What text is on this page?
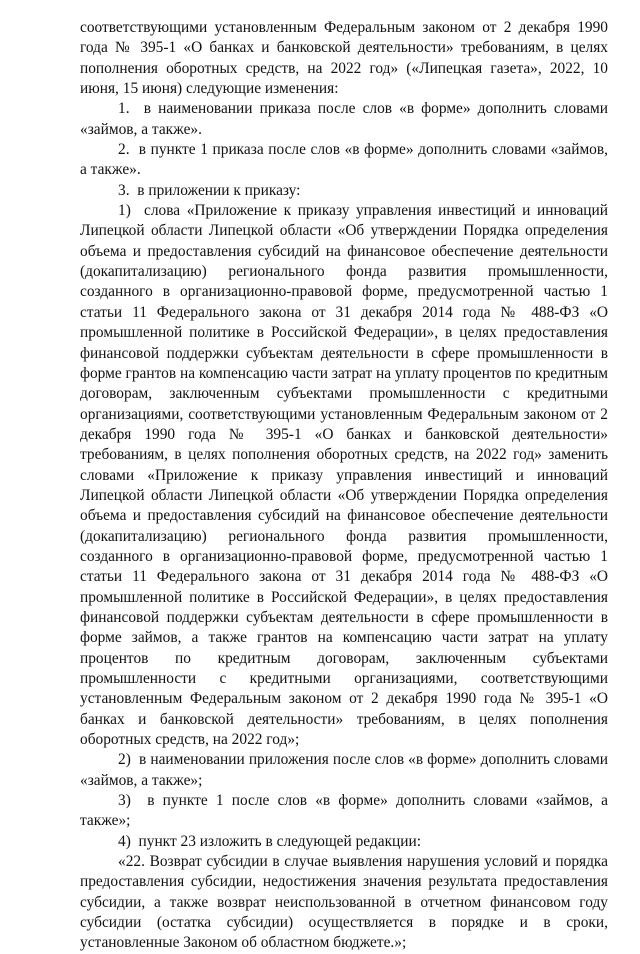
соответствующими установленным Федеральным законом от 2 декабря 1990 года № 395-1 «О банках и банковской деятельности» требованиям, в целях пополнения оборотных средств, на 2022 год» («Липецкая газета», 2022, 10 июня, 15 июня) следующие изменения:

1.  в наименовании приказа после слов «в форме» дополнить словами «займов, а также».

2.  в пункте 1 приказа после слов «в форме» дополнить словами «займов, а также».

3.  в приложении к приказу:

1)  слова «Приложение к приказу управления инвестиций и инноваций Липецкой области Липецкой области «Об утверждении Порядка определения объема и предоставления субсидий на финансовое обеспечение деятельности (докапитализацию) регионального фонда развития промышленности, созданного в организационно-правовой форме, предусмотренной частью 1 статьи 11 Федерального закона от 31 декабря 2014 года № 488-ФЗ «О промышленной политике в Российской Федерации», в целях предоставления финансовой поддержки субъектам деятельности в сфере промышленности в форме грантов на компенсацию части затрат на уплату процентов по кредитным договорам, заключенным субъектами промышленности с кредитными организациями, соответствующими установленным Федеральным законом от 2 декабря 1990 года № 395-1 «О банках и банковской деятельности» требованиям, в целях пополнения оборотных средств, на 2022 год» заменить словами «Приложение к приказу управления инвестиций и инноваций Липецкой области Липецкой области «Об утверждении Порядка определения объема и предоставления субсидий на финансовое обеспечение деятельности (докапитализацию) регионального фонда развития промышленности, созданного в организационно-правовой форме, предусмотренной частью 1 статьи 11 Федерального закона от 31 декабря 2014 года № 488-ФЗ «О промышленной политике в Российской Федерации», в целях предоставления финансовой поддержки субъектам деятельности в сфере промышленности в форме займов, а также грантов на компенсацию части затрат на уплату процентов по кредитным договорам, заключенным субъектами промышленности с кредитными организациями, соответствующими установленным Федеральным законом от 2 декабря 1990 года № 395-1 «О банках и банковской деятельности» требованиям, в целях пополнения оборотных средств, на 2022 год»;

2)  в наименовании приложения после слов «в форме» дополнить словами «займов, а также»;

3)  в пункте 1 после слов «в форме» дополнить словами «займов, а также»;

4)  пункт 23 изложить в следующей редакции:

«22. Возврат субсидии в случае выявления нарушения условий и порядка предоставления субсидии, недостижения значения результата предоставления субсидии, а также возврат неиспользованной в отчетном финансовом году субсидии (остатка субсидии) осуществляется в порядке и в сроки, установленные Законом об областном бюджете.»;
